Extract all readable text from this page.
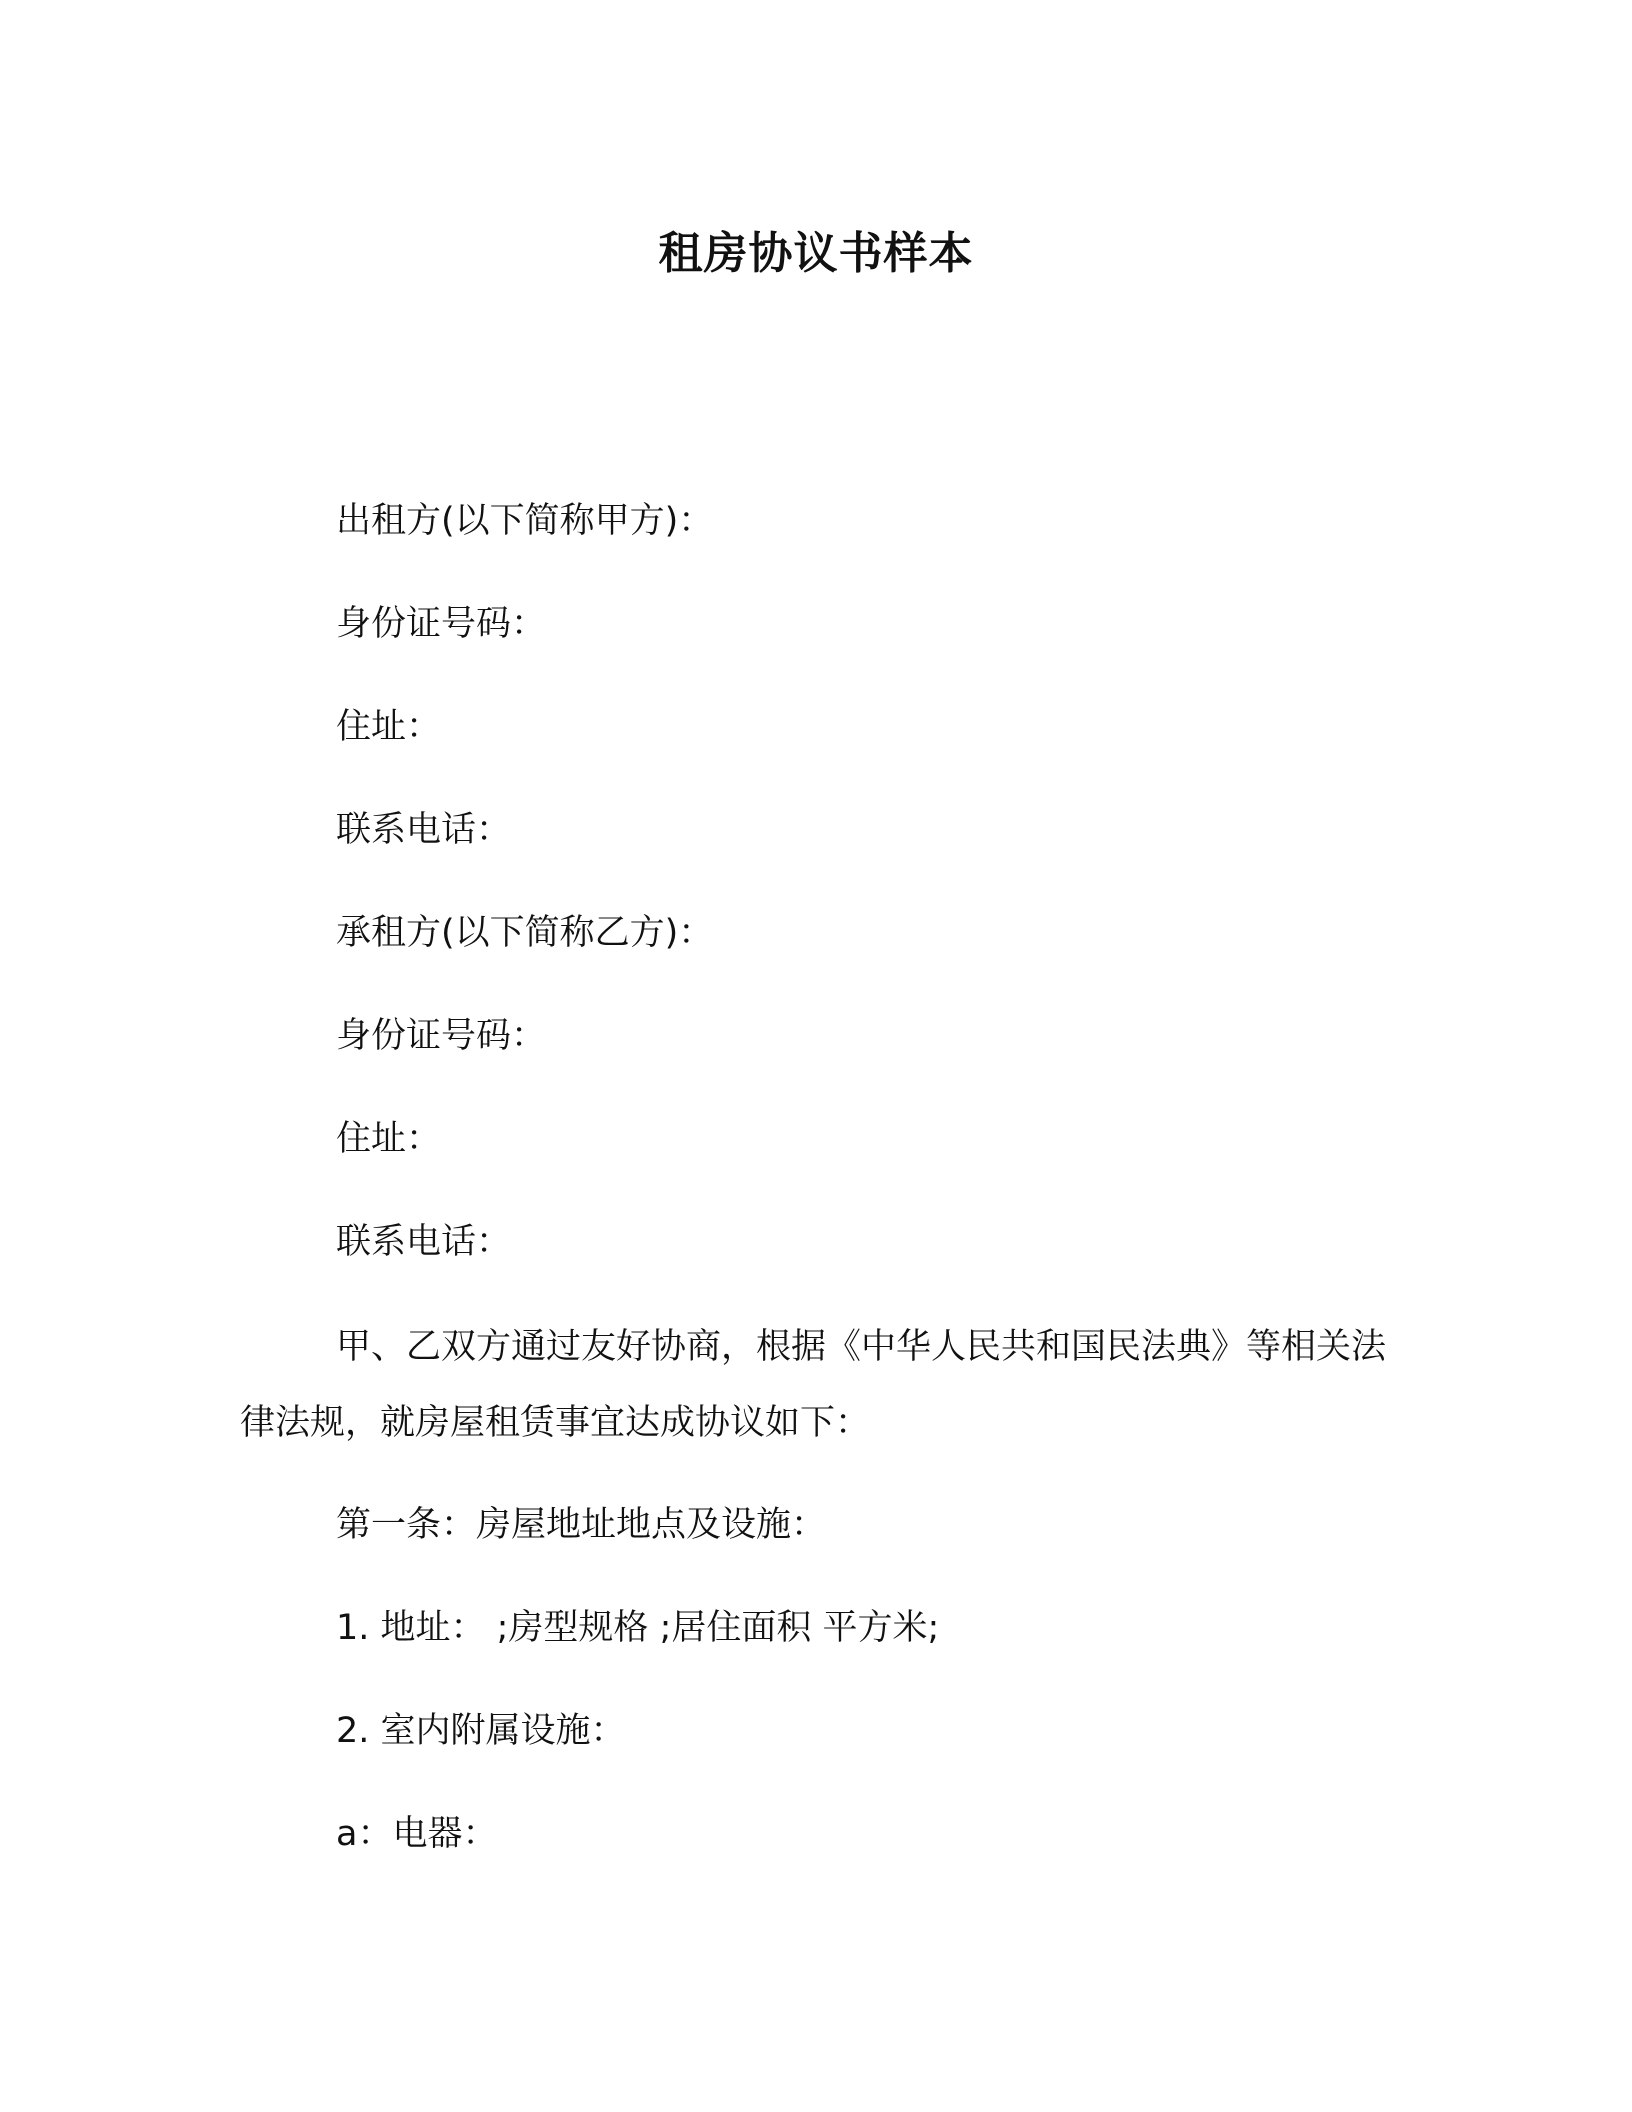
租房协议书样本
出租方(以下简称甲方)：
身份证号码：
住址：
联系电话：
承租方(以下简称乙方)：
身份证号码：
住址：
联系电话：
甲、乙双方通过友好协商，根据《中华人民共和国民法典》等相关法律法规，就房屋租赁事宜达成协议如下：
第一条：房屋地址地点及设施：
1. 地址： ;房型规格 ;居住面积 平方米;
2. 室内附属设施：
a：电器：
